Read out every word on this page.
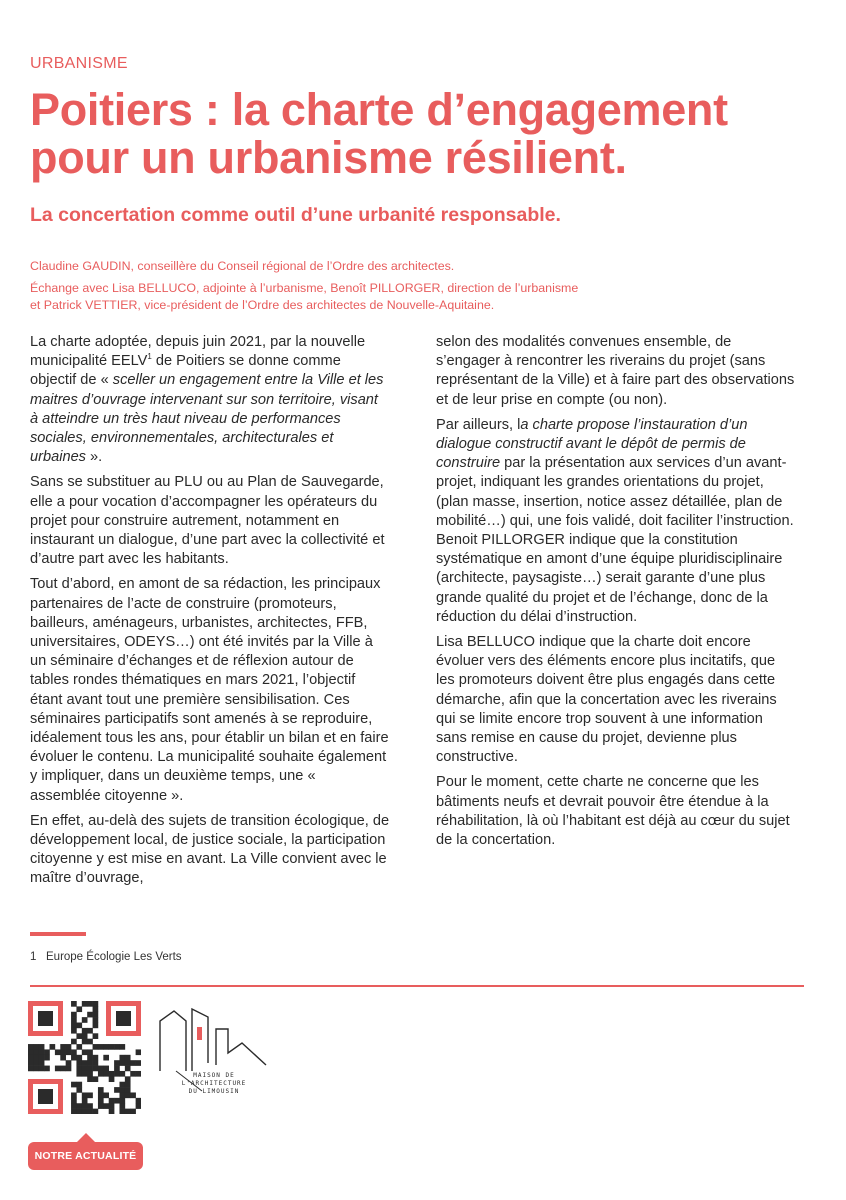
URBANISME
Poitiers : la charte d’engagement pour un urbanisme résilient.
La concertation comme outil d’une urbanité responsable.

Claudine GAUDIN, conseillère du Conseil régional de l’Ordre des architectes.

Échange avec Lisa BELLUCO, adjointe à l’urbanisme, Benoît PILLORGER, direction de l’urbanisme
et Patrick VETTIER, vice-président de l’Ordre des architectes de Nouvelle-Aquitaine.

La charte adoptée, depuis juin 2021, par la nouvelle municipalité EELV$^1$ de Poitiers se donne comme objectif de « sceller un engagement entre la Ville et les maitres d’ouvrage intervenant sur son territoire, visant à atteindre un très haut niveau de performances sociales, environnementales, architecturales et urbaines ».

Sans se substituer au PLU ou au Plan de Sauvegarde, elle a pour vocation d’accompagner les opérateurs du projet pour construire autrement, notamment en instaurant un dialogue, d’une part avec la collectivité et d’autre part avec les habitants.

Tout d’abord, en amont de sa rédaction, les principaux partenaires de l’acte de construire (promoteurs, bailleurs, aménageurs, urbanistes, architectes, FFB, universitaires, ODEYS…) ont été invités par la Ville à un séminaire d’échanges et de réflexion autour de tables rondes thématiques en mars 2021, l’objectif étant avant tout une première sensibilisation. Ces séminaires participatifs sont amenés à se reproduire, idéalement tous les ans, pour établir un bilan et en faire évoluer le contenu. La municipalité souhaite également y impliquer, dans un deuxième temps, une « assemblée citoyenne ».

En effet, au-delà des sujets de transition écologique, de développement local, de justice sociale, la participation citoyenne y est mise en avant. La Ville convient avec le maître d’ouvrage,

selon des modalités convenues ensemble, de s’engager à rencontrer les riverains du projet (sans représentant de la Ville) et à faire part des observations et de leur prise en compte (ou non).

Par ailleurs, la charte propose l’instauration d’un dialogue constructif avant le dépôt de permis de construire par la présentation aux services d’un avant-projet, indiquant les grandes orientations du projet, (plan masse, insertion, notice assez détaillée, plan de mobilité…) qui, une fois validé, doit faciliter l’instruction. Benoit PILLORGER indique que la constitution systématique en amont d’une équipe pluridisciplinaire (architecte, paysagiste…) serait garante d’une plus grande qualité du projet et de l’échange, donc de la réduction du délai d’instruction.

Lisa BELLUCO indique que la charte doit encore évoluer vers des éléments encore plus incitatifs, que les promoteurs doivent être plus engagés dans cette démarche, afin que la concertation avec les riverains qui se limite encore trop souvent à une information sans remise en cause du projet, devienne plus constructive.

Pour le moment, cette charte ne concerne que les bâtiments neufs et devrait pouvoir être étendue à la réhabilitation, là où l’habitant est déjà au cœur du sujet de la concertation.

1 Europe Écologie Les Verts
MAISON DE
L'ARCHITECTURE
DU LIMOUSIN
NOTRE ACTUALITÉ
